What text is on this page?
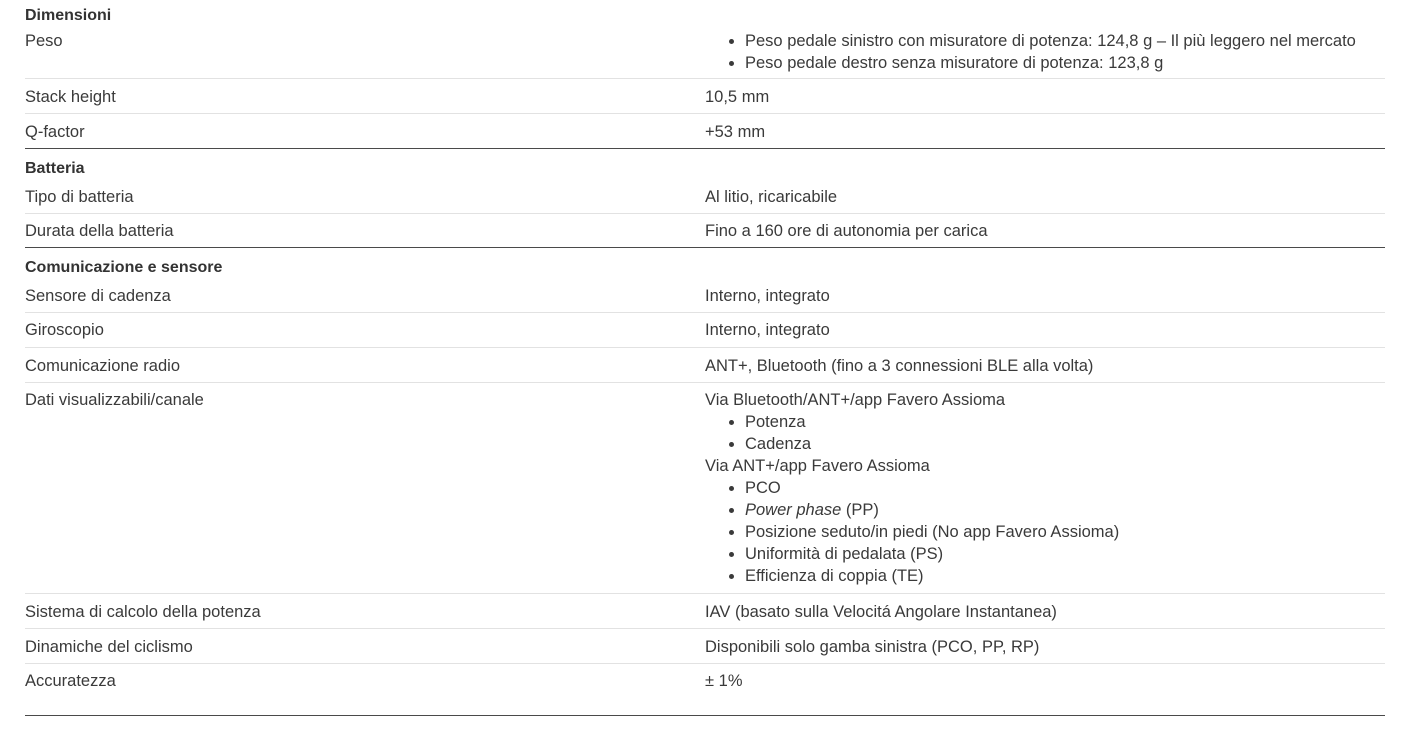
Dimensioni
Peso	Peso pedale sinistro con misuratore di potenza: 124,8 g – Il più leggero nel mercato
Peso pedale destro senza misuratore di potenza: 123,8 g
Stack height	10,5 mm
Q-factor	+53 mm
Batteria
Tipo di batteria	Al litio, ricaricabile
Durata della batteria	Fino a 160 ore di autonomia per carica
Comunicazione e sensore
Sensore di cadenza	Interno, integrato
Giroscopio	Interno, integrato
Comunicazione radio	ANT+, Bluetooth (fino a 3 connessioni BLE alla volta)
Dati visualizzabili/canale	Via Bluetooth/ANT+/app Favero Assioma
Potenza
Cadenza
Via ANT+/app Favero Assioma
PCO
Power phase (PP)
Posizione seduto/in piedi (No app Favero Assioma)
Uniformità di pedalata (PS)
Efficienza di coppia (TE)
Sistema di calcolo della potenza	IAV (basato sulla Velocitá Angolare Instantanea)
Dinamiche del ciclismo	Disponibili solo gamba sinistra (PCO, PP, RP)
Accuratezza	± 1%
